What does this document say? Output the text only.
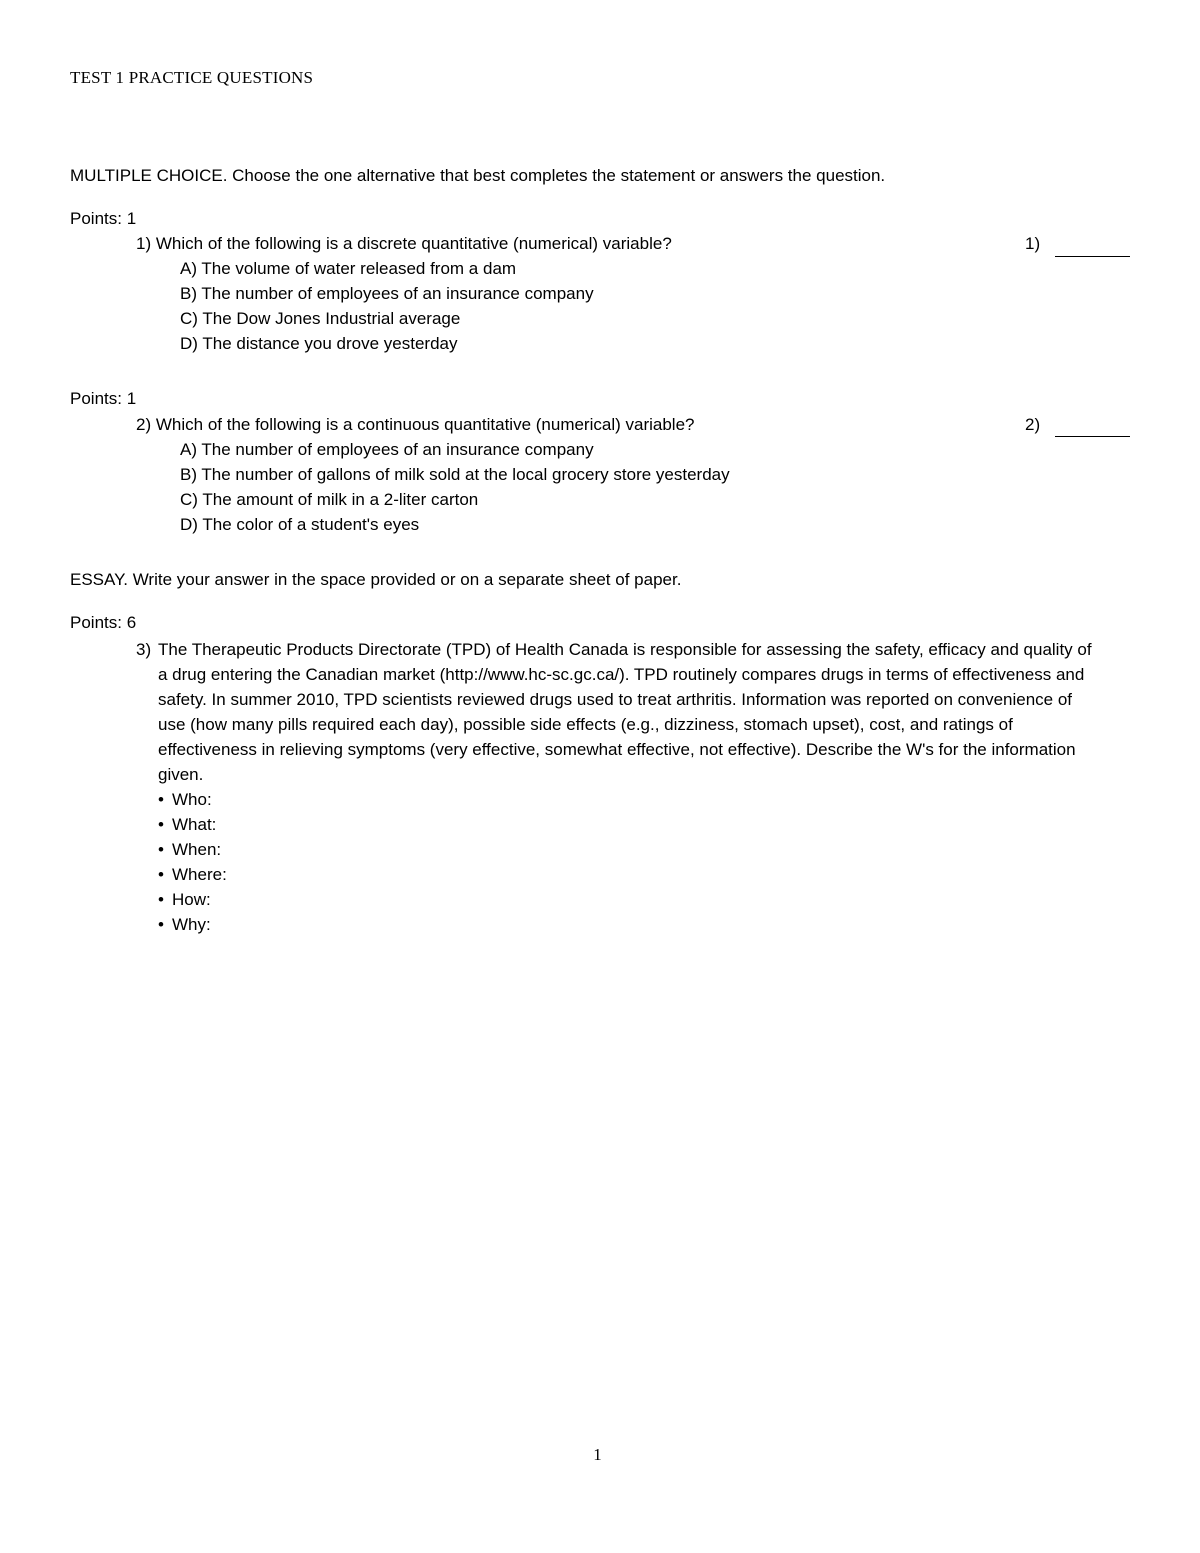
TEST 1 PRACTICE QUESTIONS
MULTIPLE CHOICE. Choose the one alternative that best completes the statement or answers the question.
Points: 1
1) Which of the following is a discrete quantitative (numerical) variable?	1)
A) The volume of water released from a dam
B) The number of employees of an insurance company
C) The Dow Jones Industrial average
D) The distance you drove yesterday
Points: 1
2) Which of the following is a continuous quantitative (numerical) variable?	2)
A) The number of employees of an insurance company
B) The number of gallons of milk sold at the local grocery store yesterday
C) The amount of milk in a 2-liter carton
D) The color of a student's eyes
ESSAY. Write your answer in the space provided or on a separate sheet of paper.
Points: 6
3) The Therapeutic Products Directorate (TPD) of Health Canada is responsible for assessing the safety, efficacy and quality of a drug entering the Canadian market (http://www.hc-sc.gc.ca/). TPD routinely compares drugs in terms of effectiveness and safety. In summer 2010, TPD scientists reviewed drugs used to treat arthritis. Information was reported on convenience of use (how many pills required each day), possible side effects (e.g., dizziness, stomach upset), cost, and ratings of effectiveness in relieving symptoms (very effective, somewhat effective, not effective). Describe the W's for the information given.

• Who:
• What:
• When:
• Where:
• How:
• Why:
1
